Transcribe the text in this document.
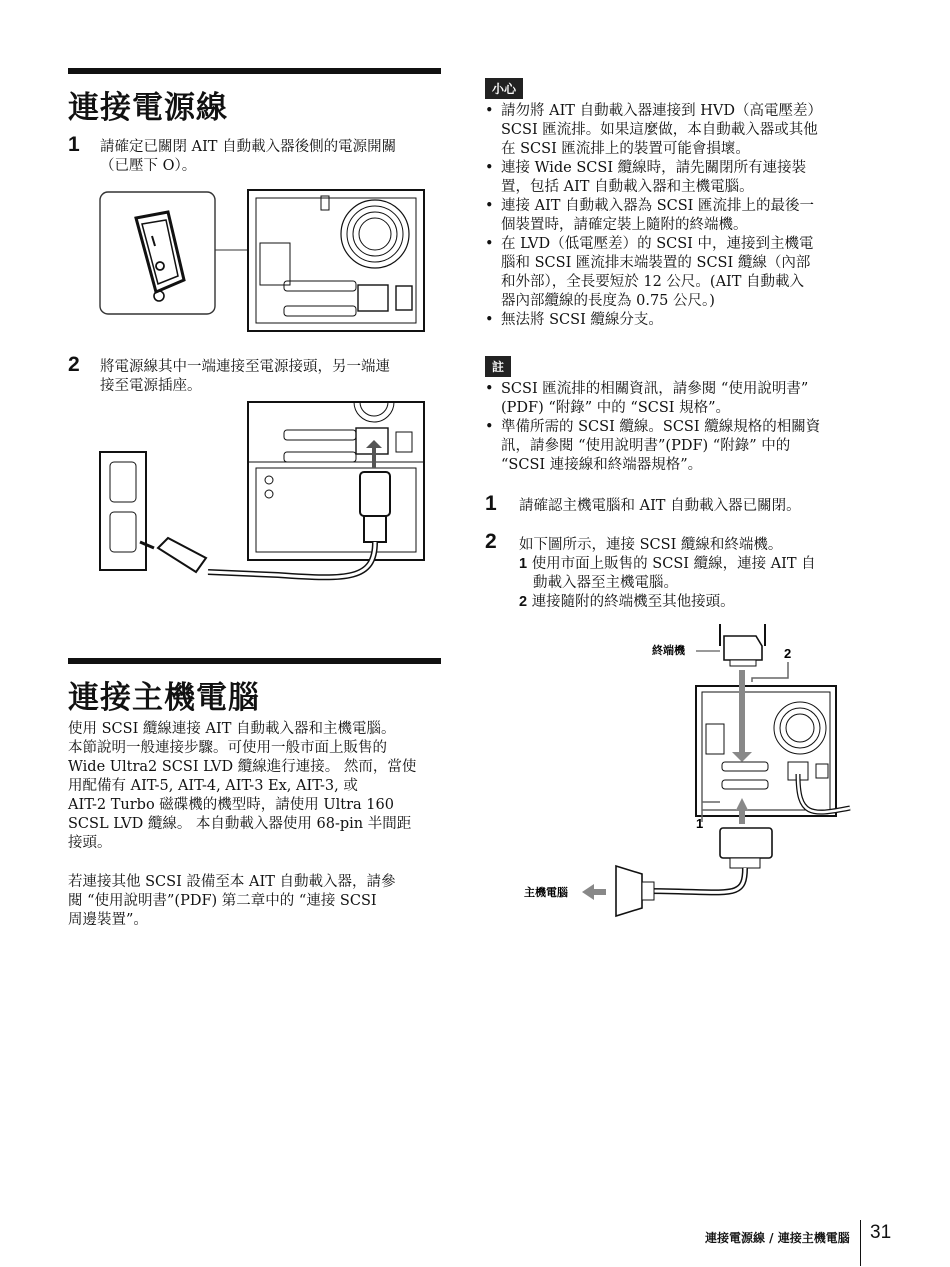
連接電源線
1 請確定已關閉 AIT 自動載入器後側的電源開關
（已壓下 O）。
2 將電源線其中一端連接至電源接頭，另一端連
接至電源插座。
連接主機電腦
使用 SCSI 纜線連接 AIT 自動載入器和主機電腦。
本節說明一般連接步驟。可使用一般市面上販售的
Wide Ultra2 SCSI LVD 纜線進行連接。 然而，當使
用配備有 AIT-5, AIT-4, AIT-3 Ex, AIT-3, 或
AIT-2 Turbo 磁碟機的機型時，請使用 Ultra 160
SCSL LVD 纜線。 本自動載入器使用 68-pin 半間距
接頭。
若連接其他 SCSI 設備至本 AIT 自動載入器，請參
閱 “使用說明書”(PDF) 第二章中的 “連接 SCSI
周邊裝置”。
小心
• 請勿將 AIT 自動載入器連接到 HVD（高電壓差）
SCSI 匯流排。如果這麼做，本自動載入器或其他
在 SCSI 匯流排上的裝置可能會損壞。
• 連接 Wide SCSI 纜線時，請先關閉所有連接裝
置，包括 AIT 自動載入器和主機電腦。
• 連接 AIT 自動載入器為 SCSI 匯流排上的最後一
個裝置時，請確定裝上隨附的終端機。
• 在 LVD（低電壓差）的 SCSI 中，連接到主機電
腦和 SCSI 匯流排末端裝置的 SCSI 纜線（內部
和外部），全長要短於 12 公尺。(AIT 自動載入
器內部纜線的長度為 0.75 公尺。)
• 無法將 SCSI 纜線分支。
註
• SCSI 匯流排的相關資訊，請參閱 “使用說明書”
(PDF) “附錄” 中的 “SCSI 規格”。
• 準備所需的 SCSI 纜線。SCSI 纜線規格的相關資
訊，請參閱 “使用說明書”(PDF) “附錄” 中的
“SCSI 連接線和終端器規格”。
1 請確認主機電腦和 AIT 自動載入器已關閉。
2 如下圖所示，連接 SCSI 纜線和終端機。
1 使用市面上販售的 SCSI 纜線，連接 AIT 自
動載入器至主機電腦。
2 連接隨附的終端機至其他接頭。
終端機	2
1
主機電腦
連接電源線 / 連接主機電腦 31
